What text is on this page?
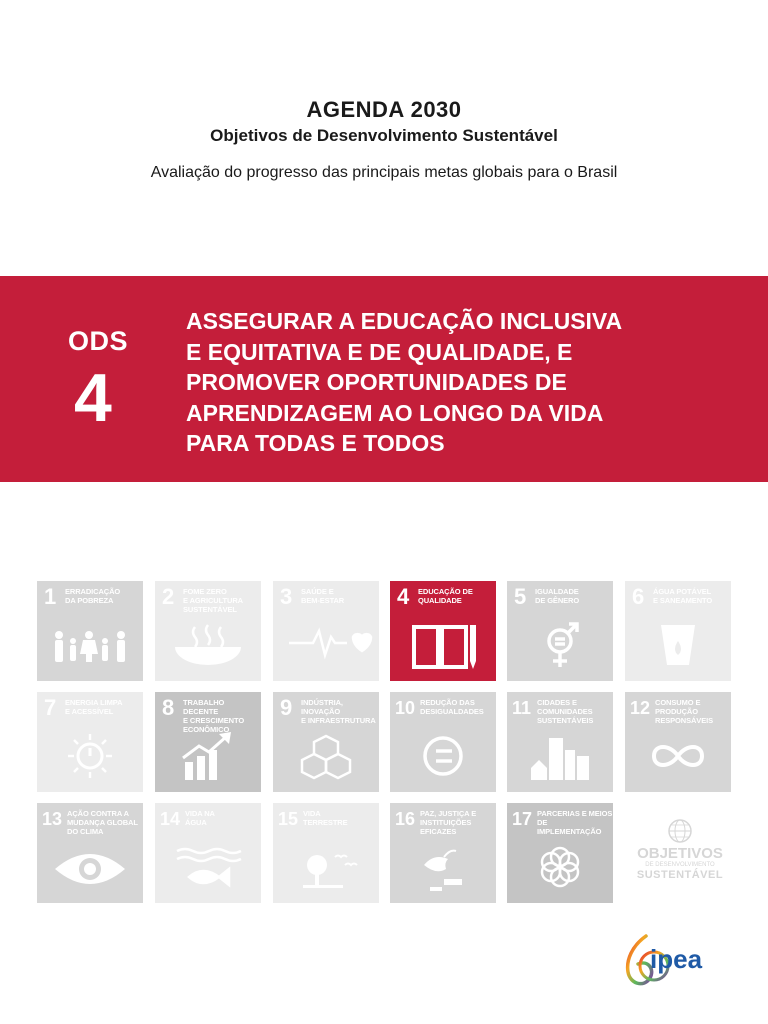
AGENDA 2030
Objetivos de Desenvolvimento Sustentável
Avaliação do progresso das principais metas globais para o Brasil
ODS
4
ASSEGURAR A EDUCAÇÃO INCLUSIVA
E EQUITATIVA E DE QUALIDADE, E
PROMOVER OPORTUNIDADES DE
APRENDIZAGEM AO LONGO DA VIDA
PARA TODAS E TODOS
1 ERRADICAÇÃO
DA POBREZA	2 FOME ZERO
E AGRICULTURA
SUSTENTÁVEL
3 SAÚDE E
BEM-ESTAR	4 EDUCAÇÃO DE
QUALIDADE	5 IGUALDADE
DE GÊNERO	6 ÁGUA POTÁVEL
E SANEAMENTO
7 ENERGIA LIMPA
E ACESSÍVEL	8 TRABALHO DECENTE
E CRESCIMENTO
ECONÔMICO
9 INDÚSTRIA, INOVAÇÃO
E INFRAESTRUTURA
10 REDUÇÃO DAS
DESIGUALDADES	11 CIDADES E
COMUNIDADES
SUSTENTÁVEIS
12 CONSUMO E
PRODUÇÃO
RESPONSÁVEIS
13 AÇÃO CONTRA A
MUDANÇA GLOBAL
DO CLIMA
14 VIDA NA
ÁGUA	15 VIDA
TERRESTRE	16 PAZ, JUSTIÇA E
INSTITUIÇÕES
EFICAZES
17 PARCERIAS E MEIOS
DE IMPLEMENTAÇÃO
OBJETIVOS
DE DESENVOLVIMENTO
SUSTENTÁVEL
ipea
